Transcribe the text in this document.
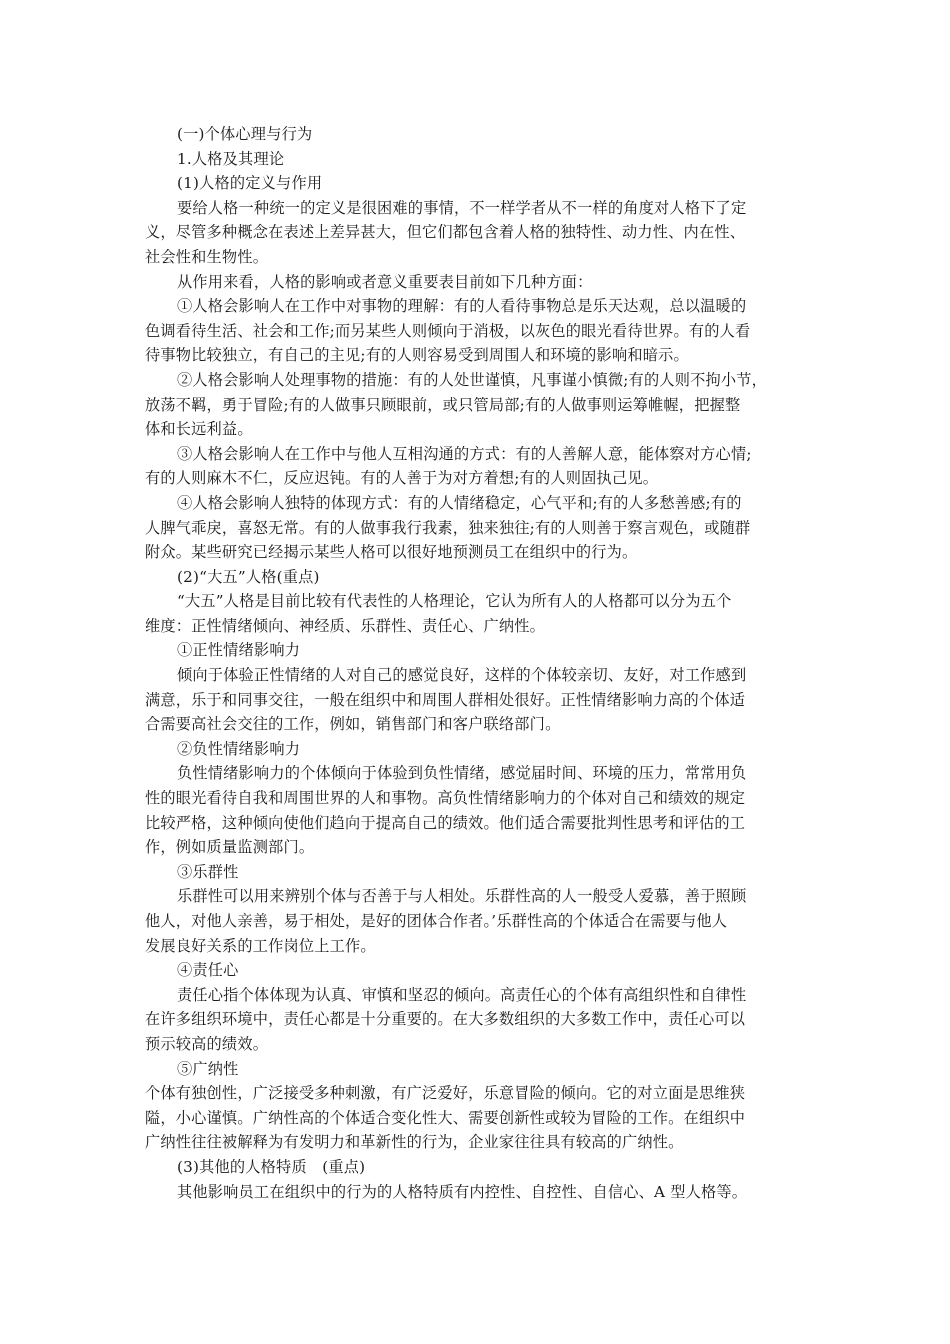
(一)个体心理与行为
1.人格及其理论
(1)人格的定义与作用
要给人格一种统一的定义是很困难的事情，不一样学者从不一样的角度对人格下了定
义，尽管多种概念在表述上差异甚大，但它们都包含着人格的独特性、动力性、内在性、
社会性和生物性。
从作用来看，人格的影响或者意义重要表目前如下几种方面：
①人格会影响人在工作中对事物的理解：有的人看待事物总是乐天达观，总以温暖的
色调看待生活、社会和工作;而另某些人则倾向于消极，以灰色的眼光看待世界。有的人看
待事物比较独立，有自己的主见;有的人则容易受到周围人和环境的影响和暗示。
②人格会影响人处理事物的措施：有的人处世谨慎，凡事谨小慎微;有的人则不拘小节，
放荡不羁，勇于冒险;有的人做事只顾眼前，或只管局部;有的人做事则运筹帷幄，把握整
体和长远利益。
③人格会影响人在工作中与他人互相沟通的方式：有的人善解人意，能体察对方心情;
有的人则麻木不仁，反应迟钝。有的人善于为对方着想;有的人则固执己见。
④人格会影响人独特的体现方式：有的人情绪稳定，心气平和;有的人多愁善感;有的
人脾气乖戾，喜怒无常。有的人做事我行我素，独来独往;有的人则善于察言观色，或随群
附众。某些研究已经揭示某些人格可以很好地预测员工在组织中的行为。
(2)“大五”人格(重点)
“大五”人格是目前比较有代表性的人格理论，它认为所有人的人格都可以分为五个
维度：正性情绪倾向、神经质、乐群性、责任心、广纳性。
①正性情绪影响力
倾向于体验正性情绪的人对自己的感觉良好，这样的个体较亲切、友好，对工作感到
满意，乐于和同事交往，一般在组织中和周围人群相处很好。正性情绪影响力高的个体适
合需要高社会交往的工作，例如，销售部门和客户联络部门。
②负性情绪影响力
负性情绪影响力的个体倾向于体验到负性情绪，感觉届时间、环境的压力，常常用负
性的眼光看待自我和周围世界的人和事物。高负性情绪影响力的个体对自己和绩效的规定
比较严格，这种倾向使他们趋向于提高自己的绩效。他们适合需要批判性思考和评估的工
作，例如质量监测部门。
③乐群性
乐群性可以用来辨别个体与否善于与人相处。乐群性高的人一般受人爱慕，善于照顾
他人，对他人亲善，易于相处，是好的团体合作者。’乐群性高的个体适合在需要与他人
发展良好关系的工作岗位上工作。
④责任心
责任心指个体体现为认真、审慎和坚忍的倾向。高责任心的个体有高组织性和自律性
在许多组织环境中，责任心都是十分重要的。在大多数组织的大多数工作中，责任心可以
预示较高的绩效。
⑤广纳性
个体有独创性，广泛接受多种刺激，有广泛爱好，乐意冒险的倾向。它的对立面是思维狭
隘，小心谨慎。广纳性高的个体适合变化性大、需要创新性或较为冒险的工作。在组织中
广纳性往往被解释为有发明力和革新性的行为，企业家往往具有较高的广纳性。
(3)其他的人格特质　(重点)
其他影响员工在组织中的行为的人格特质有内控性、自控性、自信心、A 型人格等。
